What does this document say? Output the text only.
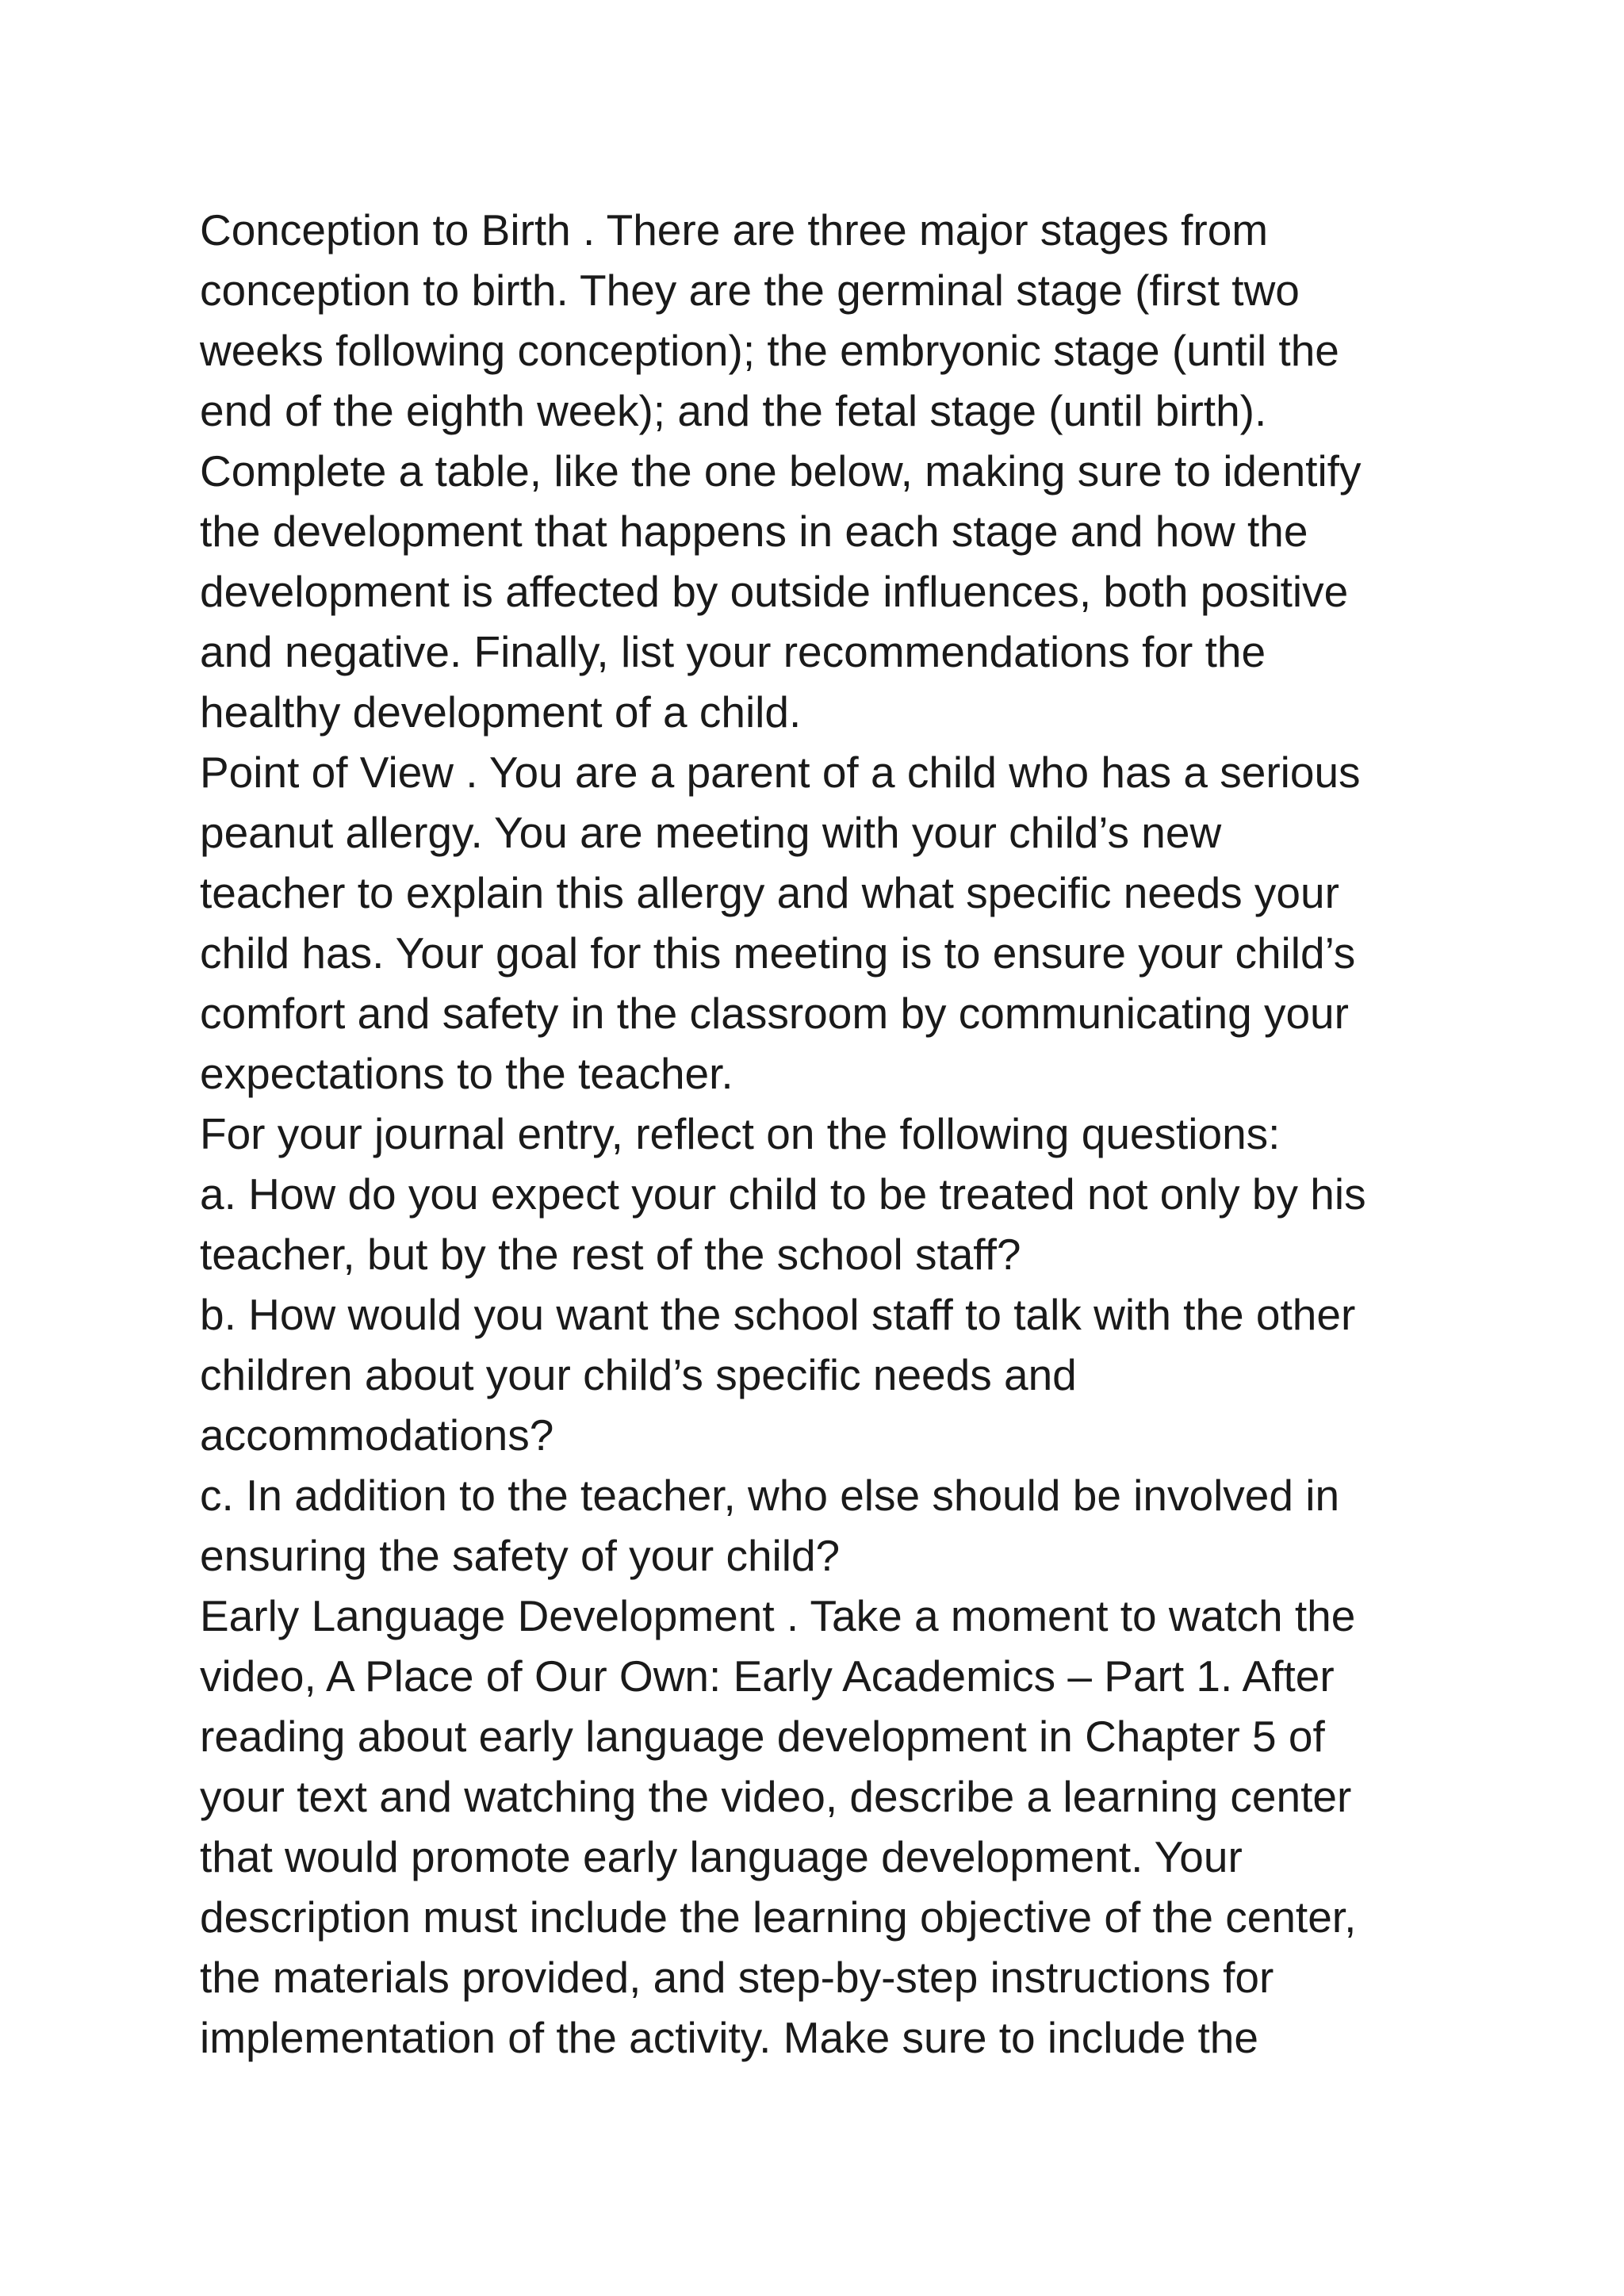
Conception to Birth . There are three major stages from
conception to birth. They are the germinal stage (first two
weeks following conception); the embryonic stage (until the
end of the eighth week); and the fetal stage (until birth).
Complete a table, like the one below, making sure to identify
the development that happens in each stage and how the
development is affected by outside influences, both positive
and negative. Finally, list your recommendations for the
healthy development of a child.
Point of View . You are a parent of a child who has a serious
peanut allergy. You are meeting with your child’s new
teacher to explain this allergy and what specific needs your
child has. Your goal for this meeting is to ensure your child’s
comfort and safety in the classroom by communicating your
expectations to the teacher.
For your journal entry, reflect on the following questions:
a. How do you expect your child to be treated not only by his
teacher, but by the rest of the school staff?
b. How would you want the school staff to talk with the other
children about your child’s specific needs and
accommodations?
c. In addition to the teacher, who else should be involved in
ensuring the safety of your child?
Early Language Development . Take a moment to watch the
video, A Place of Our Own: Early Academics – Part 1. After
reading about early language development in Chapter 5 of
your text and watching the video, describe a learning center
that would promote early language development. Your
description must include the learning objective of the center,
the materials provided, and step-by-step instructions for
implementation of the activity. Make sure to include the
